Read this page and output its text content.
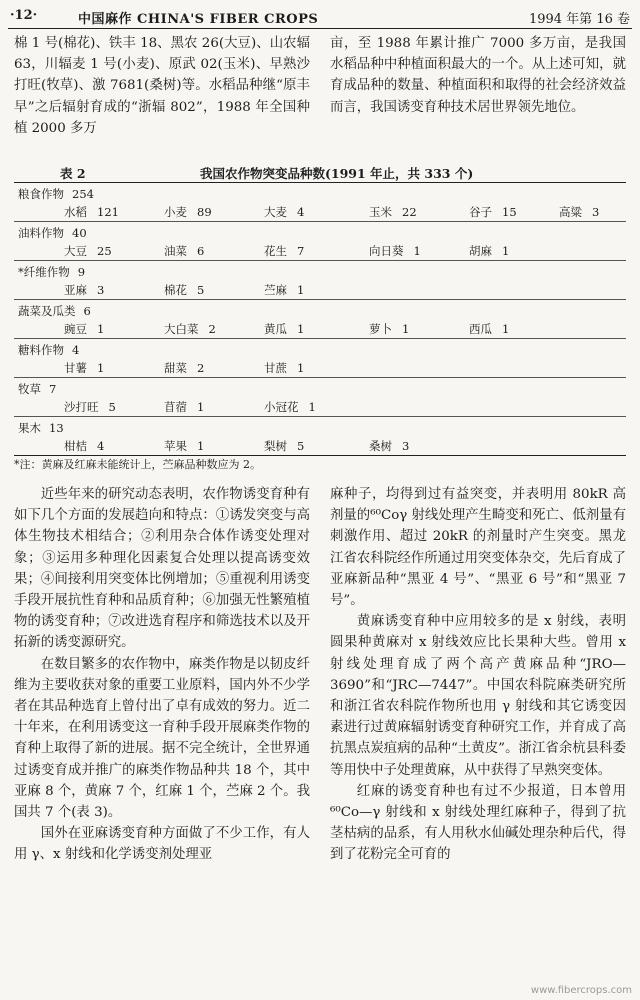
·12·	中国麻作 CHINA'S FIBER CROPS	1994 年第 16 卷

棉 1 号(棉花)、铁丰 18、黑农 26(大豆)、山农辐 63，川辐麦 1 号(小麦)、原武 02(玉米)、早熟沙打旺(牧草)、激 7681(桑树)等。水稻品种继“原丰早”之后辐射育成的“浙辐 802”，1988 年全国种植 2000 多万

亩，至 1988 年累计推广 7000 多万亩，是我国水稻品种中种植面积最大的一个。从上述可知，就育成品种的数量、种植面积和取得的社会经济效益而言，我国诱变育种技术居世界领先地位。

表 2	我国农作物突变品种数(1991 年止，共 333 个)
粮食作物 254
水稻 121	小麦 89	大麦 4	玉米 22	谷子 15	高粱 3
油料作物 40
大豆 25	油菜 6	花生 7	向日葵 1	胡麻 1
*纤维作物 9
亚麻 3	棉花 5	苎麻 1
蔬菜及瓜类 6
豌豆 1	大白菜 2	黄瓜 1	萝卜 1	西瓜 1
糖料作物 4
甘薯 1	甜菜 2	甘蔗 1
牧草 7
沙打旺 5	苜蓿 1	小冠花 1
果木 13
柑桔 4	苹果 1	梨树 5	桑树 3
*注：黄麻及红麻未能统计上，苎麻品种数应为 2。

近些年来的研究动态表明，农作物诱变育种有如下几个方面的发展趋向和特点：①诱发突变与高体生物技术相结合；②利用杂合体作诱变处理对象；③运用多种理化因素复合处理以提高诱变效果；④间接利用突变体比例增加；⑤重视利用诱变手段开展抗性育种和品质育种；⑥加强无性繁殖植物的诱变育种；⑦改进选育程序和筛选技术以及开拓新的诱变源研究。

在数目繁多的农作物中，麻类作物是以韧皮纤维为主要收获对象的重要工业原料，国内外不少学者在其品种选育上曾付出了卓有成效的努力。近二十年来，在利用诱变这一育种手段开展麻类作物的育种上取得了新的进展。据不完全统计，全世界通过诱变育成并推广的麻类作物品种共 18 个，其中亚麻 8 个，黄麻 7 个，红麻 1 个，苎麻 2 个。我国共 7 个(表 3)。

国外在亚麻诱变育种方面做了不少工作，有人用 γ、x 射线和化学诱变剂处理亚

麻种子，均得到过有益突变，并表明用 80kR 高剂量的⁶⁰Coγ 射线处理产生畸变和死亡、低剂量有刺激作用、超过 20kR 的剂量时产生突变。黑龙江省农科院经作所通过用突变体杂交，先后育成了亚麻新品种“黑亚 4 号”、“黑亚 6 号”和“黑亚 7 号”。

黄麻诱变育种中应用较多的是 x 射线，表明圆果种黄麻对 x 射线效应比长果种大些。曾用 x 射线处理育成了两个高产黄麻品种“JRO—3690”和“JRC—7447”。中国农科院麻类研究所和浙江省农科院作物所也用 γ 射线和其它诱变因素进行过黄麻辐射诱变育种研究工作，并育成了高抗黑点炭疽病的品种“土黄皮”。浙江省余杭县科委等用快中子处理黄麻，从中获得了早熟突变体。

红麻的诱变育种也有过不少报道，日本曾用⁶⁰Co—γ 射线和 x 射线处理红麻种子，得到了抗茎枯病的品系，有人用秋水仙碱处理杂种后代，得到了花粉完全可育的

www.fibercrops.com
